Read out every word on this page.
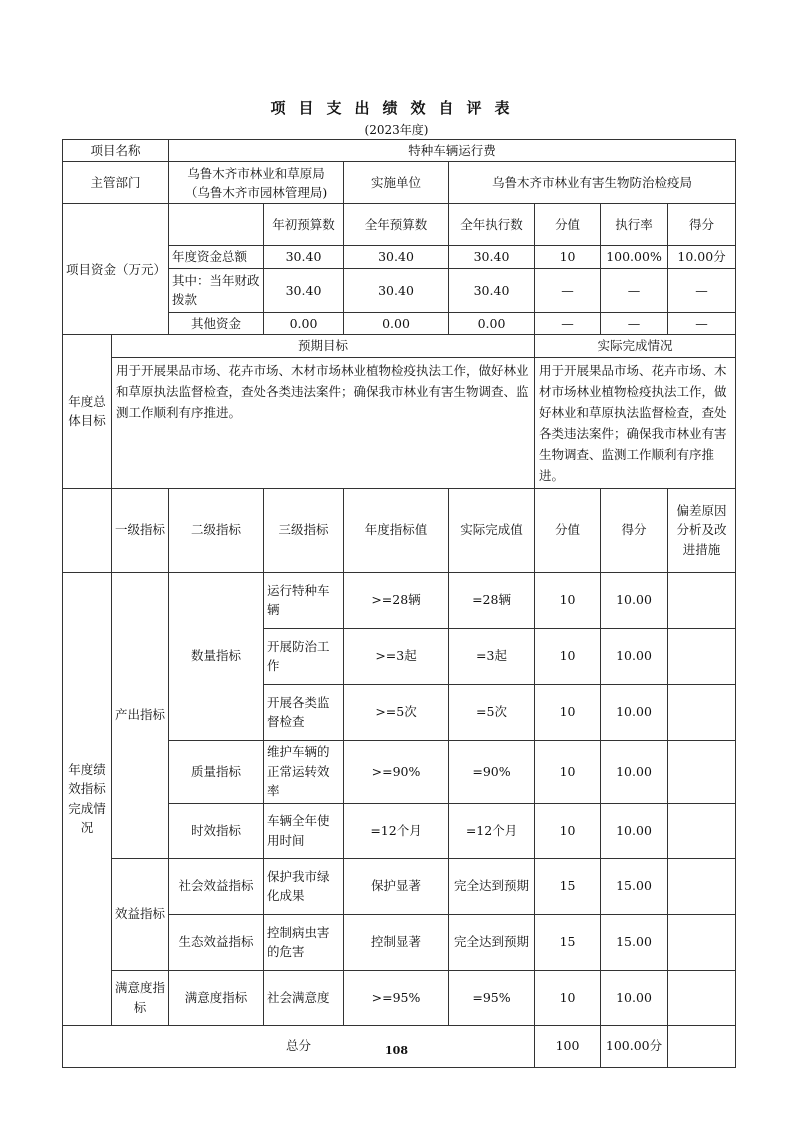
项目支出绩效自评表
(2023年度)
项目名称		特种车辆运行费						
主管部门		乌鲁木齐市林业和草原局
（乌鲁木齐市园林管理局)		实施单位	乌鲁木齐市林业有害生物防治检疫局			
项目资金（万元）			年初预算数	全年预算数	全年执行数	分值	执行率	得分
		年度资金总额	30.40	30.40	30.40	10	100.00%	10.00分
		其中：当年财政拨款	30.40	30.40	30.40	—	—	—
		其他资金	0.00	0.00	0.00	—	—	—
年度总体目标	预期目标					实际完成情况		
	用于开展果品市场、花卉市场、木材市场林业植物检疫执法工作，做好林业和草原执法监督检查，查处各类违法案件；确保我市林业有害生物调查、监测工作顺利有序推进。					用于开展果品市场、花卉市场、木材市场林业植物检疫执法工作，做好林业和草原执法监督检查，查处各类违法案件；确保我市林业有害生物调查、监测工作顺利有序推进。		
	一级指标	二级指标	三级指标	年度指标值	实际完成值	分值	得分	偏差原因分析及改进措施
年度绩效指标完成情况	产出指标	数量指标	运行特种车辆	>=28辆	=28辆	10	10.00	
			开展防治工作	>=3起	=3起	10	10.00	
			开展各类监督检查	>=5次	=5次	10	10.00	
		质量指标	维护车辆的正常运转效率	>=90%	=90%	10	10.00	
		时效指标	车辆全年使用时间	=12个月	=12个月	10	10.00	
	效益指标	社会效益指标	保护我市绿化成果	保护显著	完全达到预期	15	15.00	
		生态效益指标	控制病虫害的危害	控制显著	完全达到预期	15	15.00	
	满意度指标	满意度指标	社会满意度	>=95%	=95%	10	10.00	
总分						100	100.00分	
108
